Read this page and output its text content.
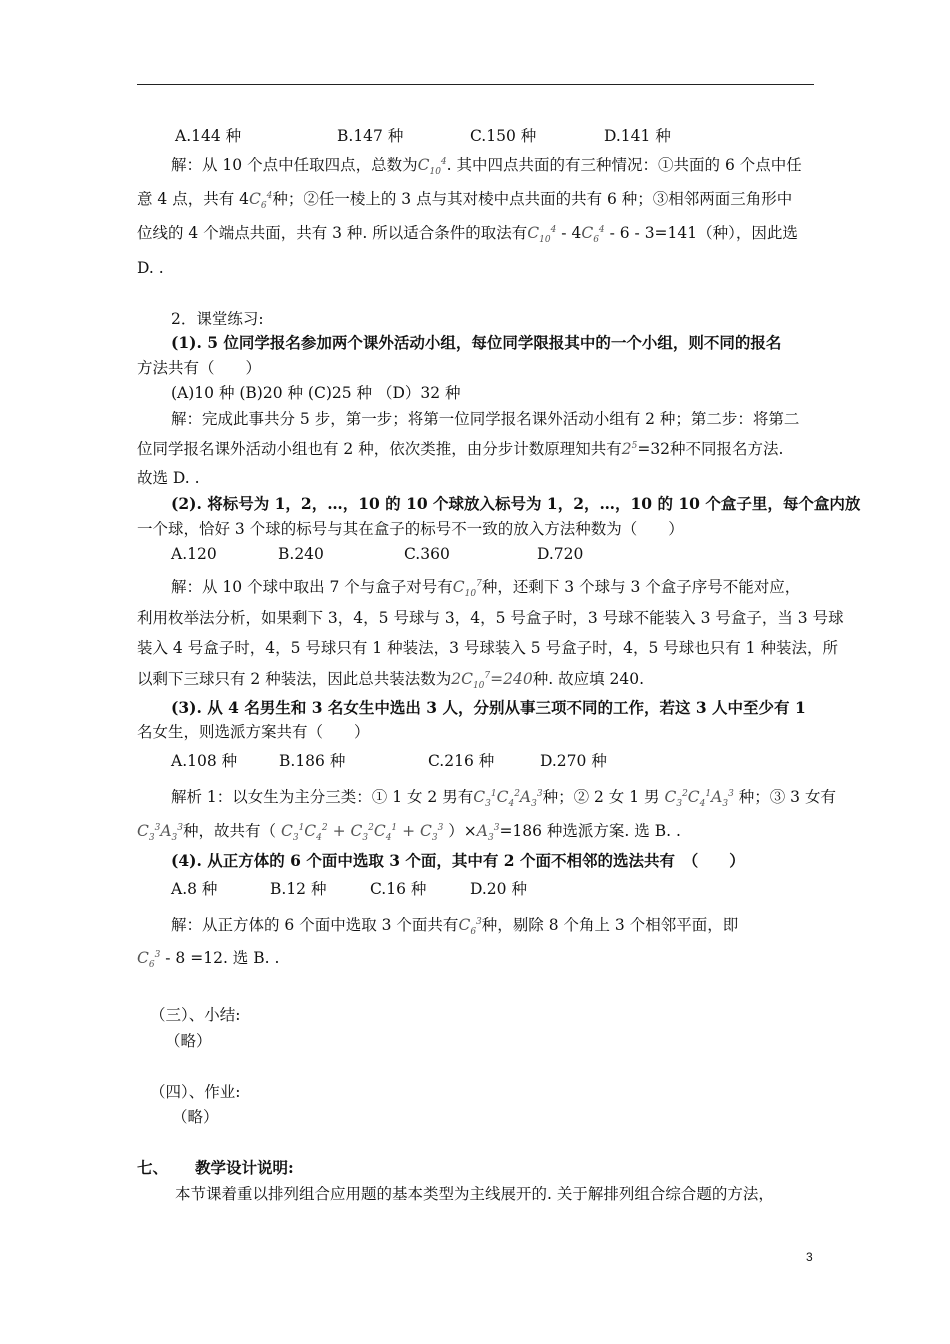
A.144 种	B.147 种	C.150 种	D.141 种
解：从 10 个点中任取四点，总数为$C_{10}^4$. 其中四点共面的有三种情况：①共面的 6 个点中任
意 4 点，共有 $4C_6^4$种；②任一棱上的 3 点与其对棱中点共面的共有 6 种；③相邻两面三角形中
位线的 4 个端点共面，共有 3 种. 所以适合条件的取法有$C_{10}^4 - 4C_6^4 - 6 - 3=141$（种），因此选
D. .
2．课堂练习:
(1). 5 位同学报名参加两个课外活动小组，每位同学限报其中的一个小组，则不同的报名
方法共有（　　）
(A)10 种 (B)20 种 (C)25 种 （D）32 种
解：完成此事共分 5 步，第一步；将第一位同学报名课外活动小组有 2 种；第二步：将第二
位同学报名课外活动小组也有 2 种，依次类推，由分步计数原理知共有$2^5=32$种不同报名方法.
故选 D. .
(2). 将标号为 1，2，…，10 的 10 个球放入标号为 1，2，…，10 的 10 个盒子里，每个盒内放
一个球，恰好 3 个球的标号与其在盒子的标号不一致的放入方法种数为（　　）
A.120	B.240	C.360	D.720
解：从 10 个球中取出 7 个与盒子对号有$C_{10}^7$种，还剩下 3 个球与 3 个盒子序号不能对应，
利用枚举法分析，如果剩下 3，4，5 号球与 3，4，5 号盒子时，3 号球不能装入 3 号盒子，当 3 号球
装入 4 号盒子时，4，5 号球只有 1 种装法，3 号球装入 5 号盒子时，4，5 号球也只有 1 种装法，所
以剩下三球只有 2 种装法，因此总共装法数为$2C_{10}^7=240$种. 故应填 240.
(3). 从 4 名男生和 3 名女生中选出 3 人，分别从事三项不同的工作，若这 3 人中至少有 1
名女生，则选派方案共有（　　）
A.108 种	B.186 种	C.216 种	D.270 种
解析 1：以女生为主分三类：① 1 女 2 男有$C_3^1C_4^2A_3^3$种；② 2 女 1 男 $C_3^2C_4^1A_3^3$ 种；③ 3 女有
$C_3^3A_3^3$种，故共有（ $C_3^1C_4^2 + C_3^2C_4^1 + C_3^3$ ）$\times A_3^3=186$ 种选派方案. 选 B. .
(4). 从正方体的 6 个面中选取 3 个面，其中有 2 个面不相邻的选法共有　（　　）
A.8 种	B.12 种	C.16 种	D.20 种
解：从正方体的 6 个面中选取 3 个面共有$C_6^3$种，剔除 8 个角上 3 个相邻平面，即
$C_6^3 - 8 =12$. 选 B. .
（三）、小结:
（略）
（四）、作业:
（略）
七、 教学设计说明:
本节课着重以排列组合应用题的基本类型为主线展开的. 关于解排列组合综合题的方法，
3
